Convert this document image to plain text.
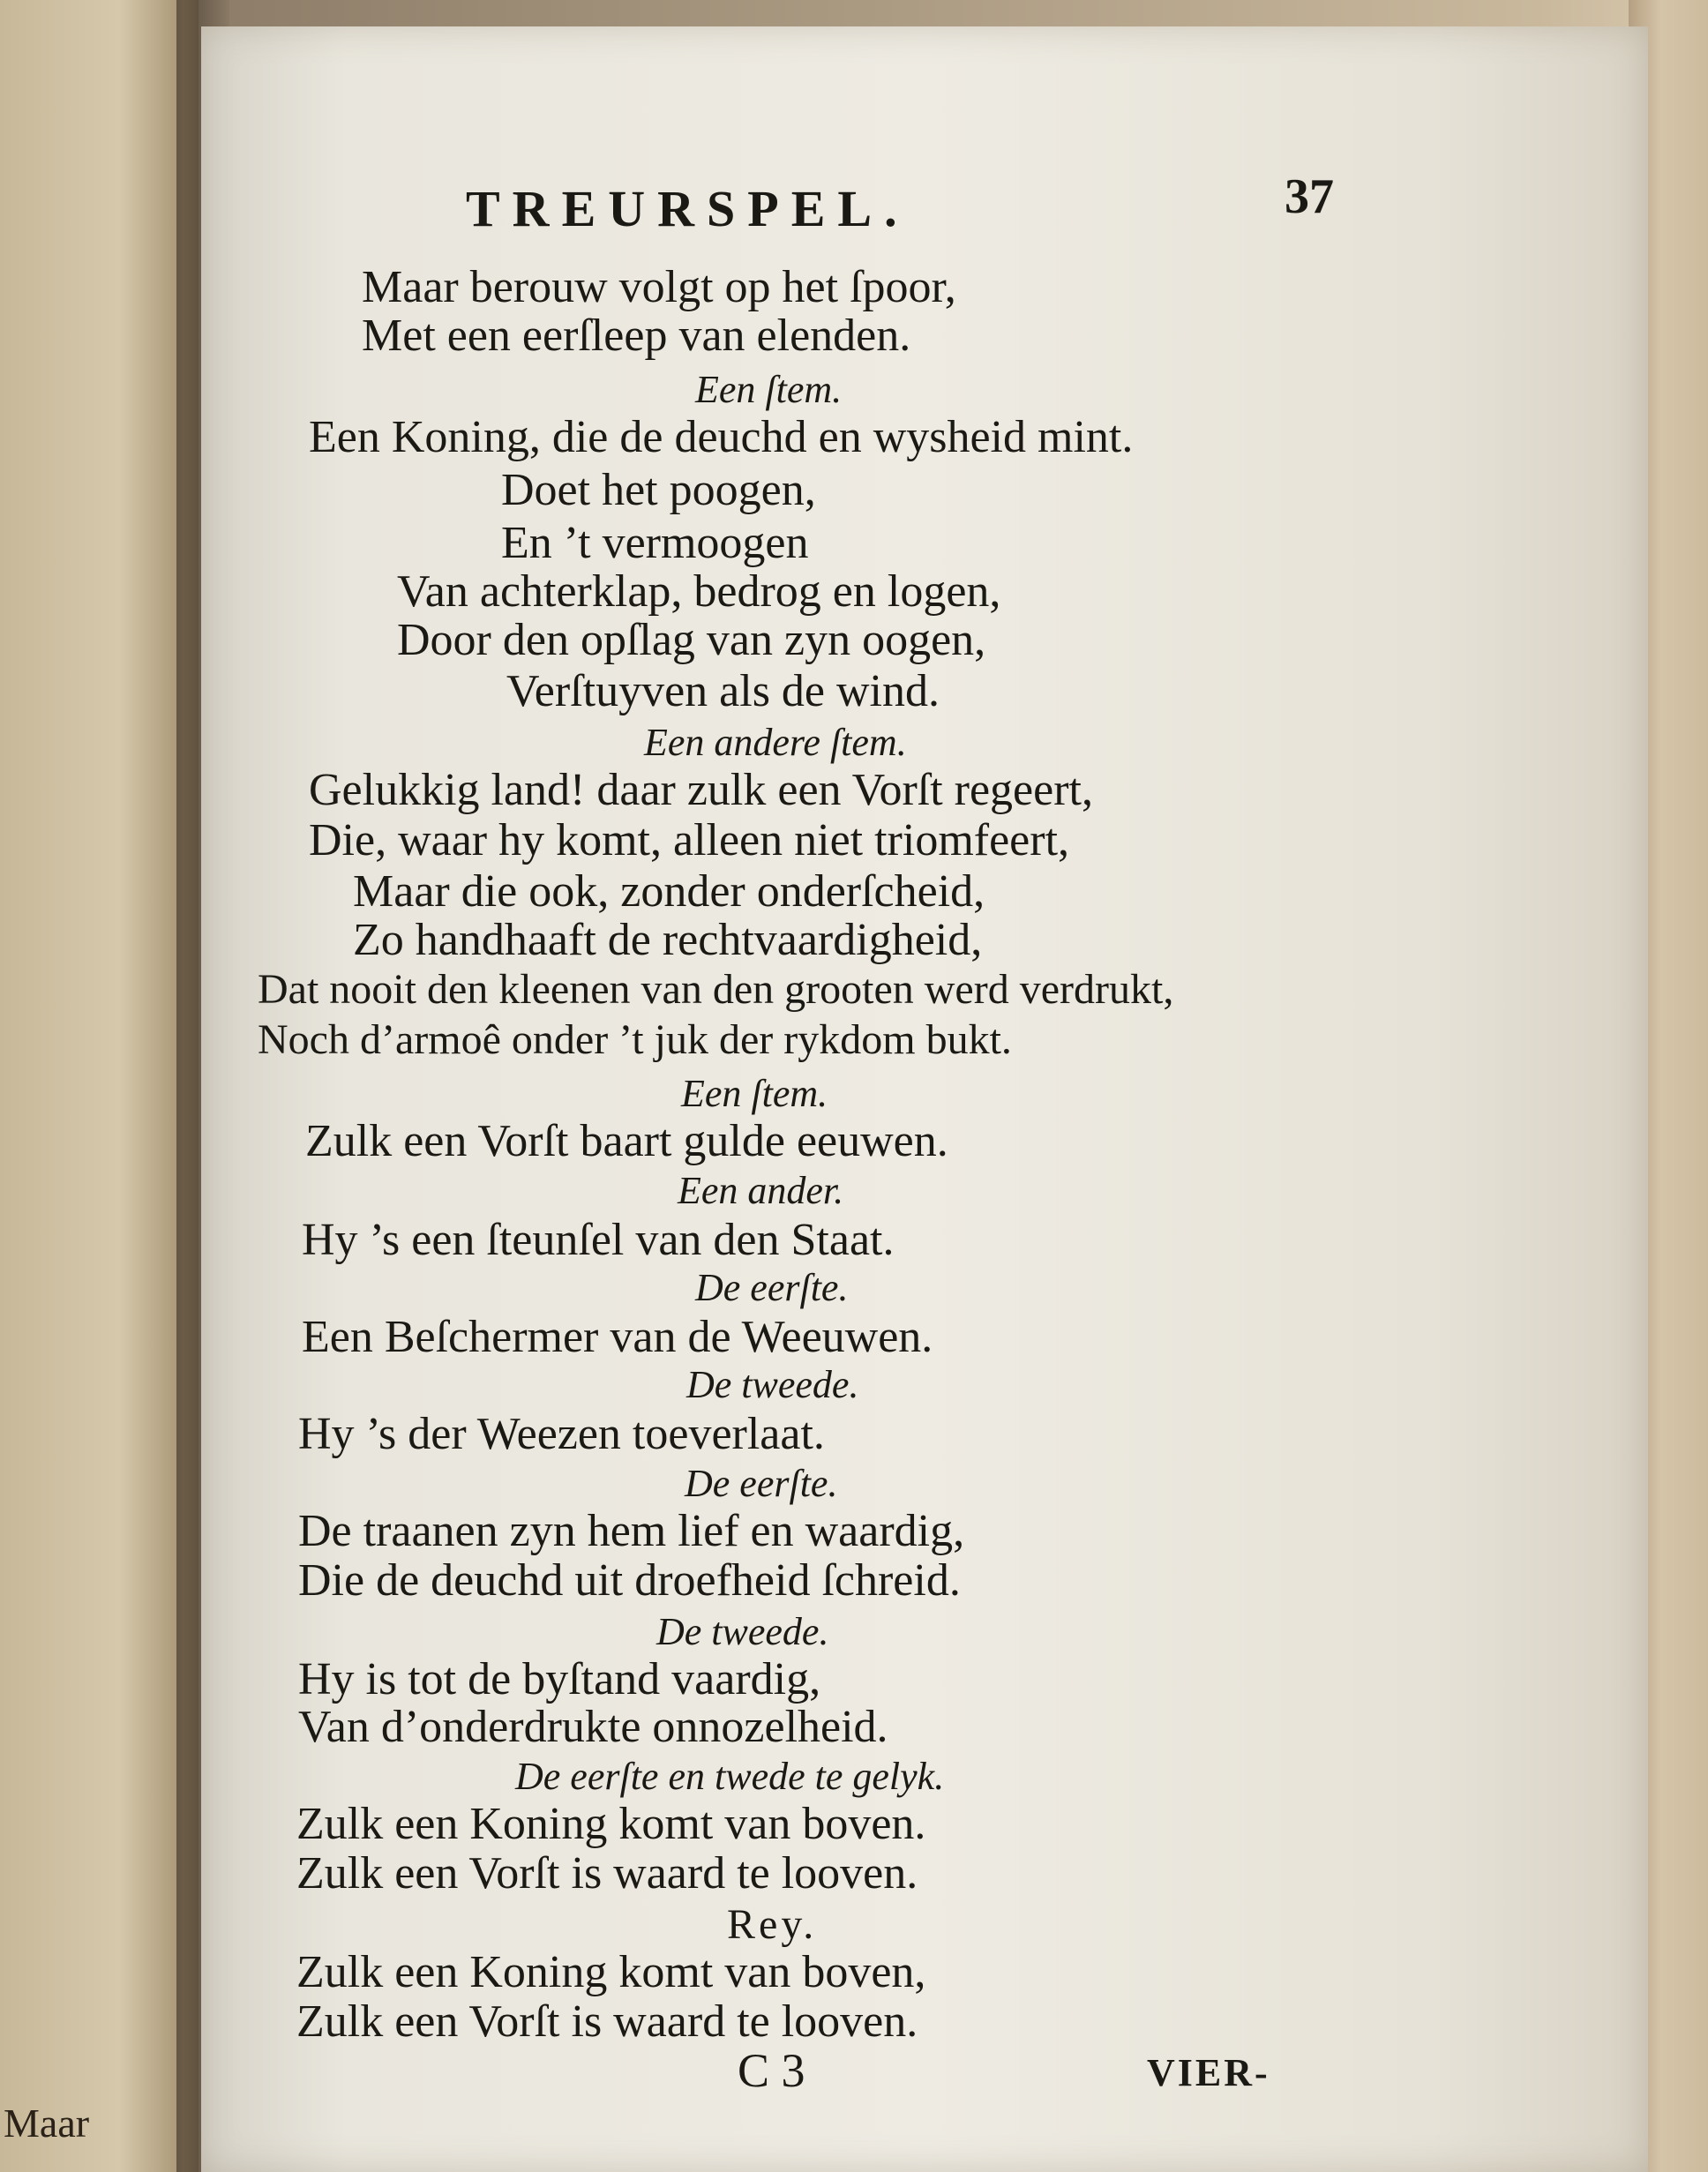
Maar
TREURSPEL.	37
Maar berouw volgt op het ſpoor,
Met een eerſleep van elenden.
Een ſtem.
Een Koning, die de deuchd en wysheid mint.
Doet het poogen,
En ’t vermoogen
Van achterklap, bedrog en logen,
Door den opſlag van zyn oogen,
Verſtuyven als de wind.
Een andere ſtem.
Gelukkig land! daar zulk een Vorſt regeert,
Die, waar hy komt, alleen niet triomfeert,
Maar die ook, zonder onderſcheid,
Zo handhaaft de rechtvaardigheid,
Dat nooit den kleenen van den grooten werd verdrukt,
Noch d’armoê onder ’t juk der rykdom bukt.
Een ſtem.
Zulk een Vorſt baart gulde eeuwen.
Een ander.
Hy ’s een ſteunſel van den Staat.
De eerſte.
Een Beſchermer van de Weeuwen.
De tweede.
Hy ’s der Weezen toeverlaat.
De eerſte.
De traanen zyn hem lief en waardig,
Die de deuchd uit droefheid ſchreid.
De tweede.
Hy is tot de byſtand vaardig,
Van d’onderdrukte onnozelheid.
De eerſte en twede te gelyk.
Zulk een Koning komt van boven.
Zulk een Vorſt is waard te looven.
Rey.
Zulk een Koning komt van boven,
Zulk een Vorſt is waard te looven.
C 3	VIER-
